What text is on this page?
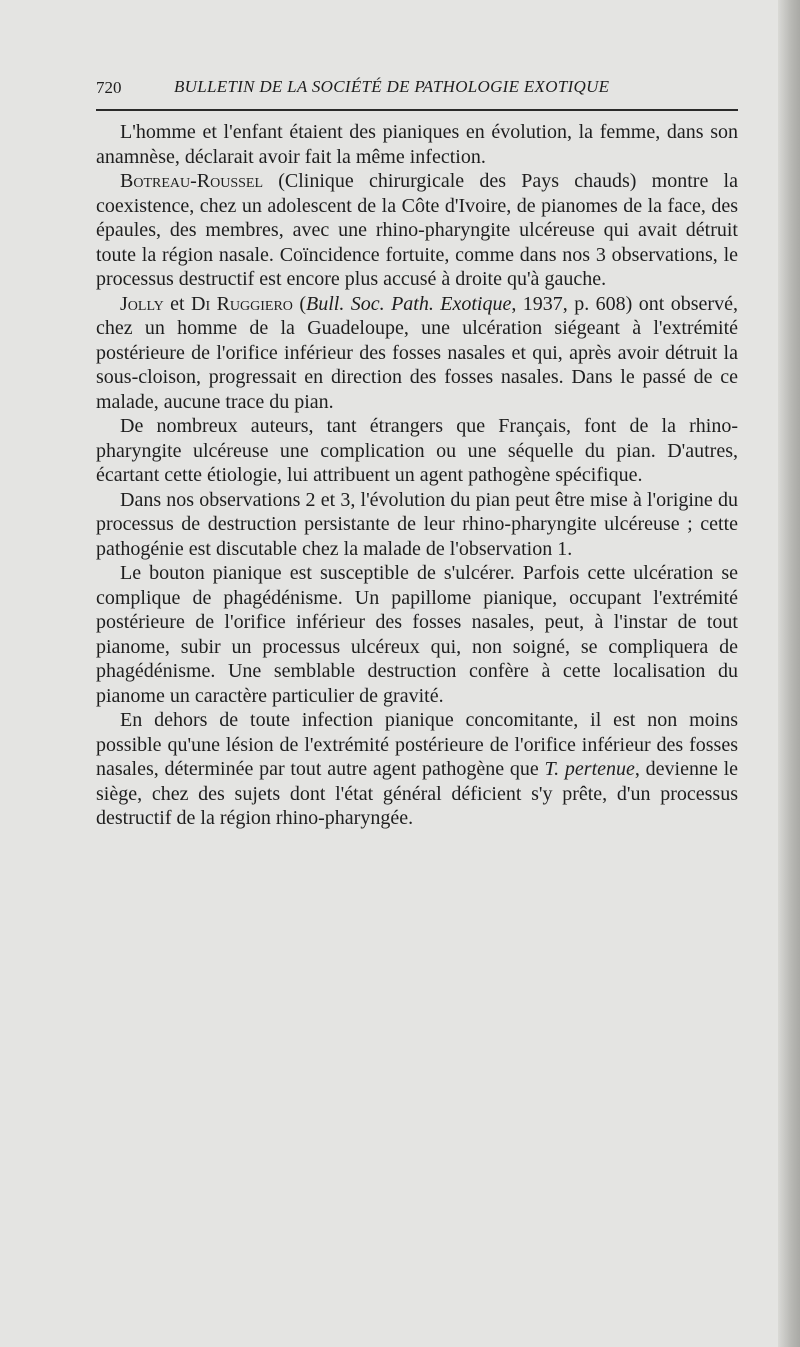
720	BULLETIN DE LA SOCIÉTÉ DE PATHOLOGIE EXOTIQUE

L'homme et l'enfant étaient des pianiques en évolution, la femme, dans son anamnèse, déclarait avoir fait la même infection.

Botreau-Roussel (Clinique chirurgicale des Pays chauds) montre la coexistence, chez un adolescent de la Côte d'Ivoire, de pianomes de la face, des épaules, des membres, avec une rhino-pharyngite ulcéreuse qui avait détruit toute la région nasale. Coïncidence fortuite, comme dans nos 3 observations, le processus destructif est encore plus accusé à droite qu'à gauche.

Jolly et Di Ruggiero (Bull. Soc. Path. Exotique, 1937, p. 608) ont observé, chez un homme de la Guadeloupe, une ulcération siégeant à l'extrémité postérieure de l'orifice inférieur des fosses nasales et qui, après avoir détruit la sous-cloison, progressait en direction des fosses nasales. Dans le passé de ce malade, aucune trace du pian.

De nombreux auteurs, tant étrangers que Français, font de la rhino-pharyngite ulcéreuse une complication ou une séquelle du pian. D'autres, écartant cette étiologie, lui attribuent un agent pathogène spécifique.

Dans nos observations 2 et 3, l'évolution du pian peut être mise à l'origine du processus de destruction persistante de leur rhino-pharyngite ulcéreuse ; cette pathogénie est discutable chez la malade de l'observation 1.

Le bouton pianique est susceptible de s'ulcérer. Parfois cette ulcération se complique de phagédénisme. Un papillome pianique, occupant l'extrémité postérieure de l'orifice inférieur des fosses nasales, peut, à l'instar de tout pianome, subir un processus ulcéreux qui, non soigné, se compliquera de phagédénisme. Une semblable destruction confère à cette localisation du pianome un caractère particulier de gravité.

En dehors de toute infection pianique concomitante, il est non moins possible qu'une lésion de l'extrémité postérieure de l'orifice inférieur des fosses nasales, déterminée par tout autre agent pathogène que T. pertenue, devienne le siège, chez des sujets dont l'état général déficient s'y prête, d'un processus destructif de la région rhino-pharyngée.
